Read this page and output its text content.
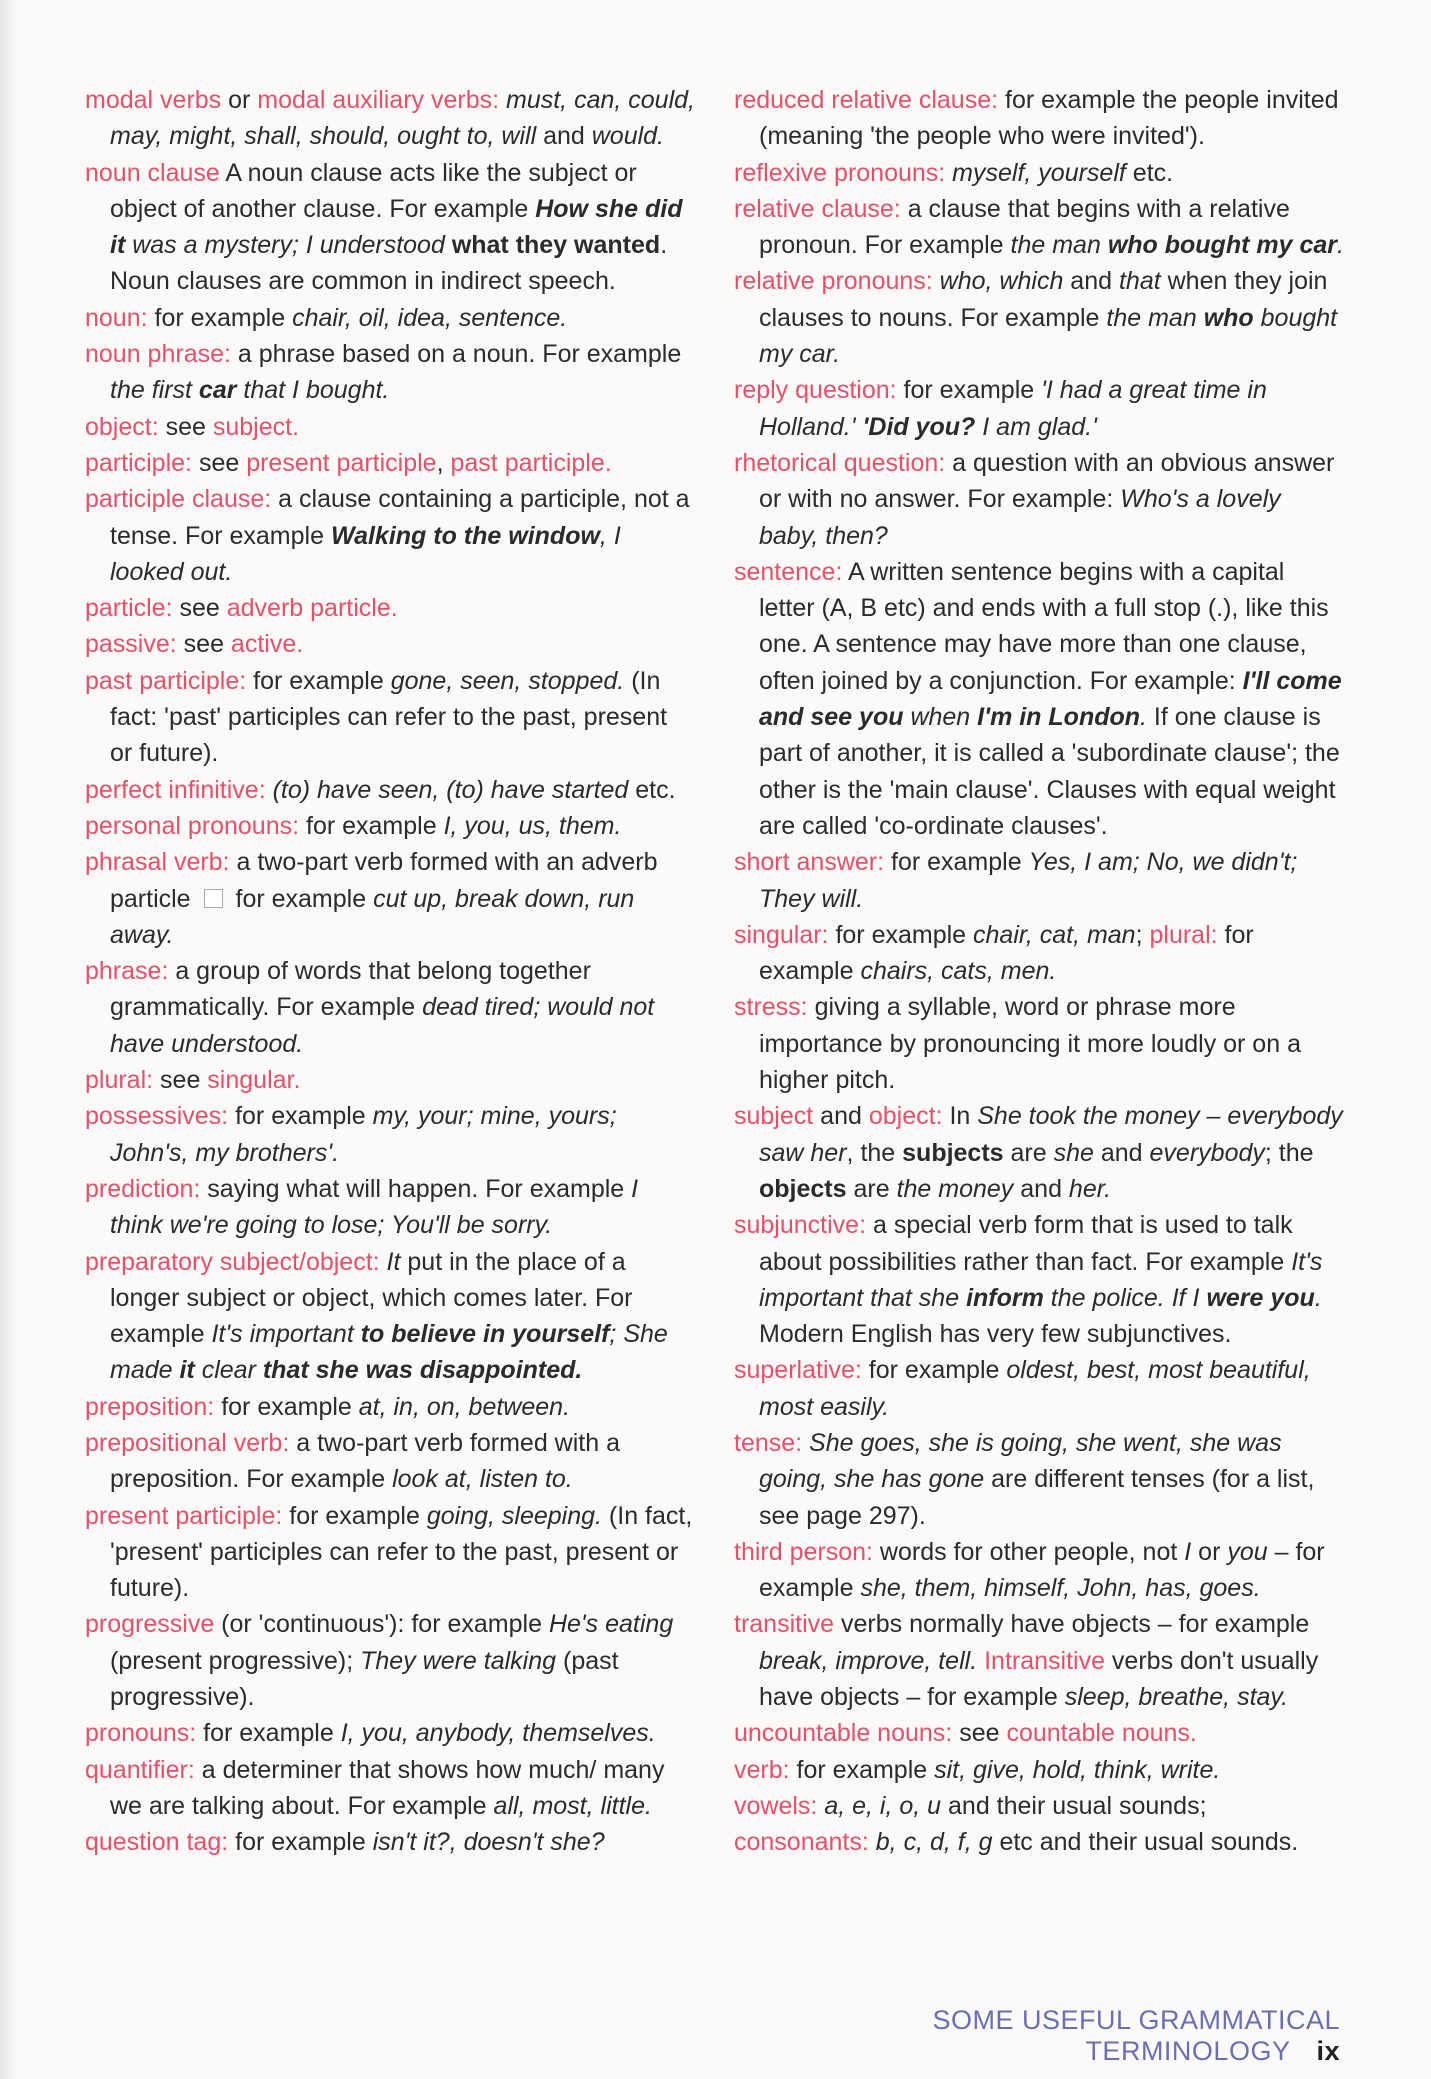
modal verbs or modal auxiliary verbs: must, can, could, may, might, shall, should, ought to, will and would.

noun clause A noun clause acts like the subject or object of another clause. For example How she did it was a mystery; I understood what they wanted. Noun clauses are common in indirect speech.

noun: for example chair, oil, idea, sentence.

noun phrase: a phrase based on a noun. For example the first car that I bought.

object: see subject.

participle: see present participle, past participle.

participle clause: a clause containing a participle, not a tense. For example Walking to the window, I looked out.

particle: see adverb particle.

passive: see active.

past participle: for example gone, seen, stopped. (In fact: 'past' participles can refer to the past, present or future).

perfect infinitive: (to) have seen, (to) have started etc.

personal pronouns: for example I, you, us, them.

phrasal verb: a two-part verb formed with an adverb particle  for example cut up, break down, run away.

phrase: a group of words that belong together grammatically. For example dead tired; would not have understood.

plural: see singular.

possessives: for example my, your; mine, yours; John's, my brothers'.

prediction: saying what will happen. For example I think we're going to lose; You'll be sorry.

preparatory subject/object: It put in the place of a longer subject or object, which comes later. For example It's important to believe in yourself; She made it clear that she was disappointed.

preposition: for example at, in, on, between.

prepositional verb: a two-part verb formed with a preposition. For example look at, listen to.

present participle: for example going, sleeping. (In fact, 'present' participles can refer to the past, present or future).

progressive (or 'continuous'): for example He's eating (present progressive); They were talking (past progressive).

pronouns: for example I, you, anybody, themselves.

quantifier: a determiner that shows how much/ many we are talking about. For example all, most, little.

question tag: for example isn't it?, doesn't she?

reduced relative clause: for example the people invited (meaning 'the people who were invited').

reflexive pronouns: myself, yourself etc.

relative clause: a clause that begins with a relative pronoun. For example the man who bought my car.

relative pronouns: who, which and that when they join clauses to nouns. For example the man who bought my car.

reply question: for example 'I had a great time in Holland.' 'Did you? I am glad.'

rhetorical question: a question with an obvious answer or with no answer. For example: Who's a lovely baby, then?

sentence: A written sentence begins with a capital letter (A, B etc) and ends with a full stop (.), like this one. A sentence may have more than one clause, often joined by a conjunction. For example: I'll come and see you when I'm in London. If one clause is part of another, it is called a 'subordinate clause'; the other is the 'main clause'. Clauses with equal weight are called 'co-ordinate clauses'.

short answer: for example Yes, I am; No, we didn't; They will.

singular: for example chair, cat, man; plural: for example chairs, cats, men.

stress: giving a syllable, word or phrase more importance by pronouncing it more loudly or on a higher pitch.

subject and object: In She took the money – everybody saw her, the subjects are she and everybody; the objects are the money and her.

subjunctive: a special verb form that is used to talk about possibilities rather than fact. For example It's important that she inform the police. If I were you. Modern English has very few subjunctives.

superlative: for example oldest, best, most beautiful, most easily.

tense: She goes, she is going, she went, she was going, she has gone are different tenses (for a list, see page 297).

third person: words for other people, not I or you – for example she, them, himself, John, has, goes.

transitive verbs normally have objects – for example break, improve, tell. Intransitive verbs don't usually have objects – for example sleep, breathe, stay.

uncountable nouns: see countable nouns.

verb: for example sit, give, hold, think, write.

vowels: a, e, i, o, u and their usual sounds;

consonants: b, c, d, f, g etc and their usual sounds.

SOME USEFUL GRAMMATICAL TERMINOLOGY ix
